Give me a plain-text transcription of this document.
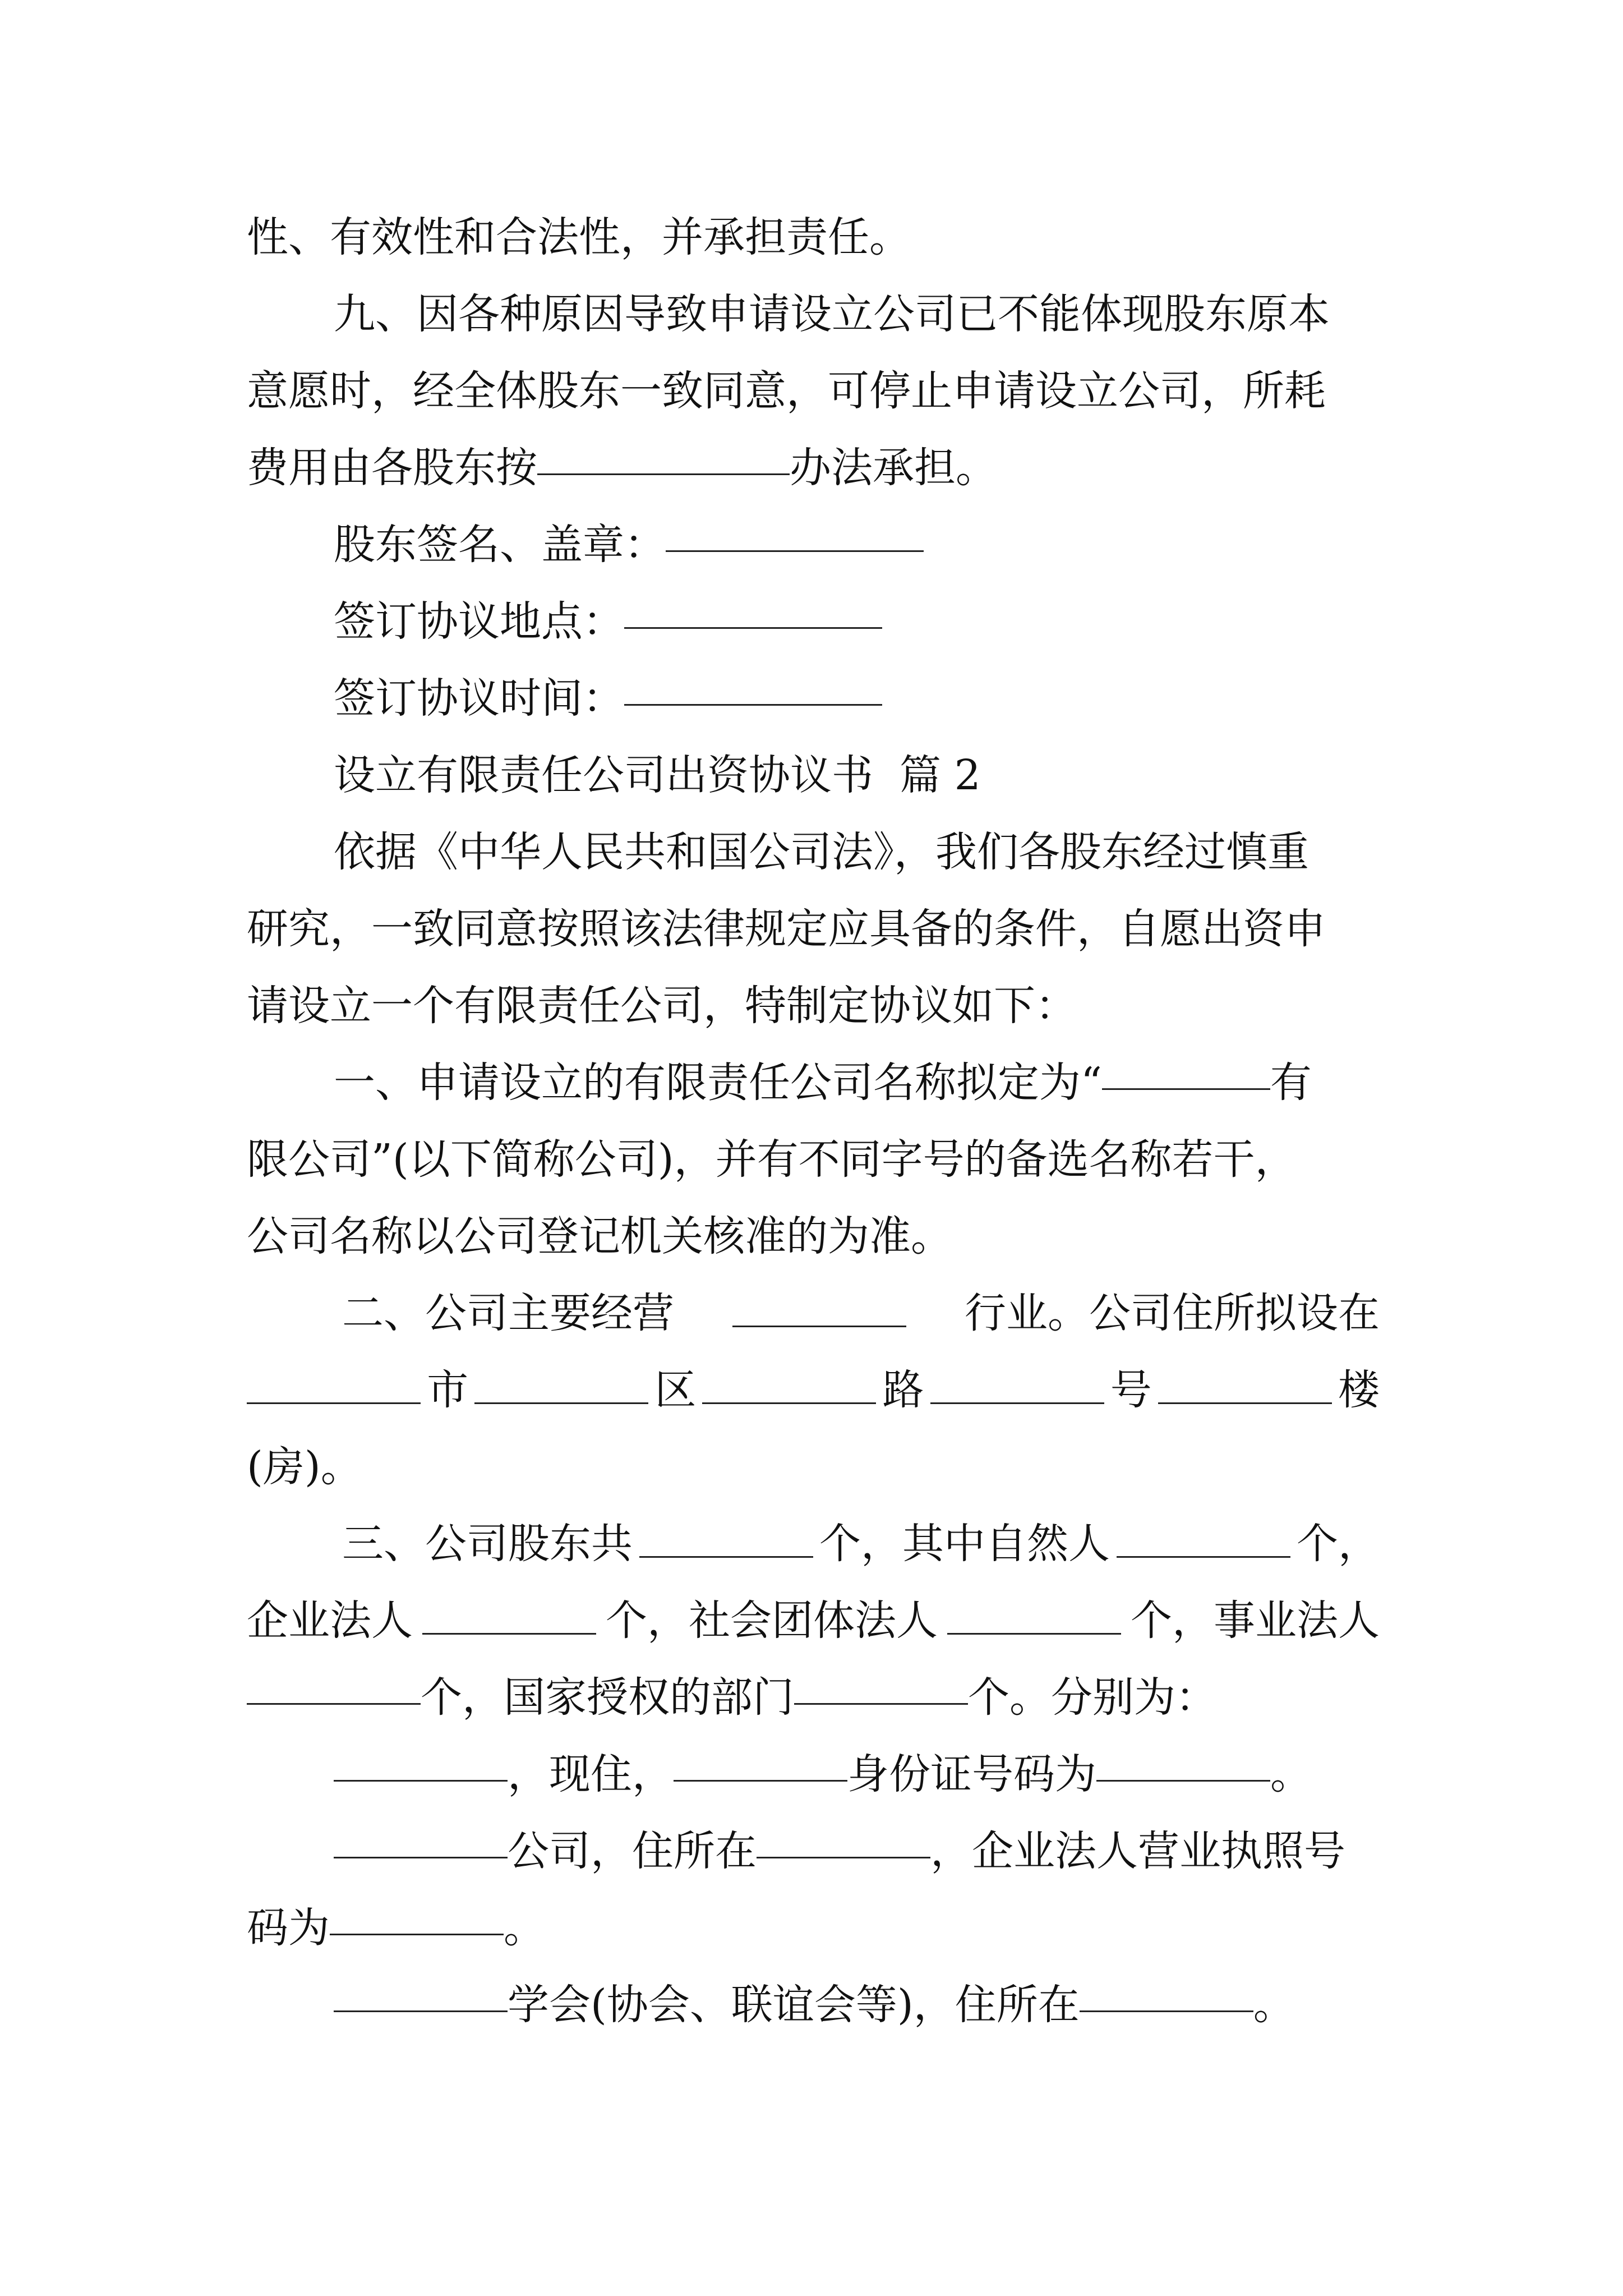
性、有效性和合法性，并承担责任。
九、因各种原因导致申请设立公司已不能体现股东原本
意愿时，经全体股东一致同意，可停止申请设立公司，所耗
费用由各股东按	办法承担。
股东签名、盖章：
签订协议地点：
签订协议时间：
设立有限责任公司出资协议书  篇 2
依据《中华人民共和国公司法》，我们各股东经过慎重
研究，一致同意按照该法律规定应具备的条件，自愿出资申
请设立一个有限责任公司，特制定协议如下：
一、申请设立的有限责任公司名称拟定为“	有
限公司”(以下简称公司)，并有不同字号的备选名称若干，
公司名称以公司登记机关核准的为准。
二、公司主要经营	行业。公司住所拟设在
市	区	路	号	楼
(房)。
三、公司股东共	个，其中自然人	个，
企业法人	个，社会团体法人	个，事业法人
个，国家授权的部门	个。分别为：
，现住，	身份证号码为	。
公司，住所在	，企业法人营业执照号
码为	。
学会(协会、联谊会等)，住所在	。
